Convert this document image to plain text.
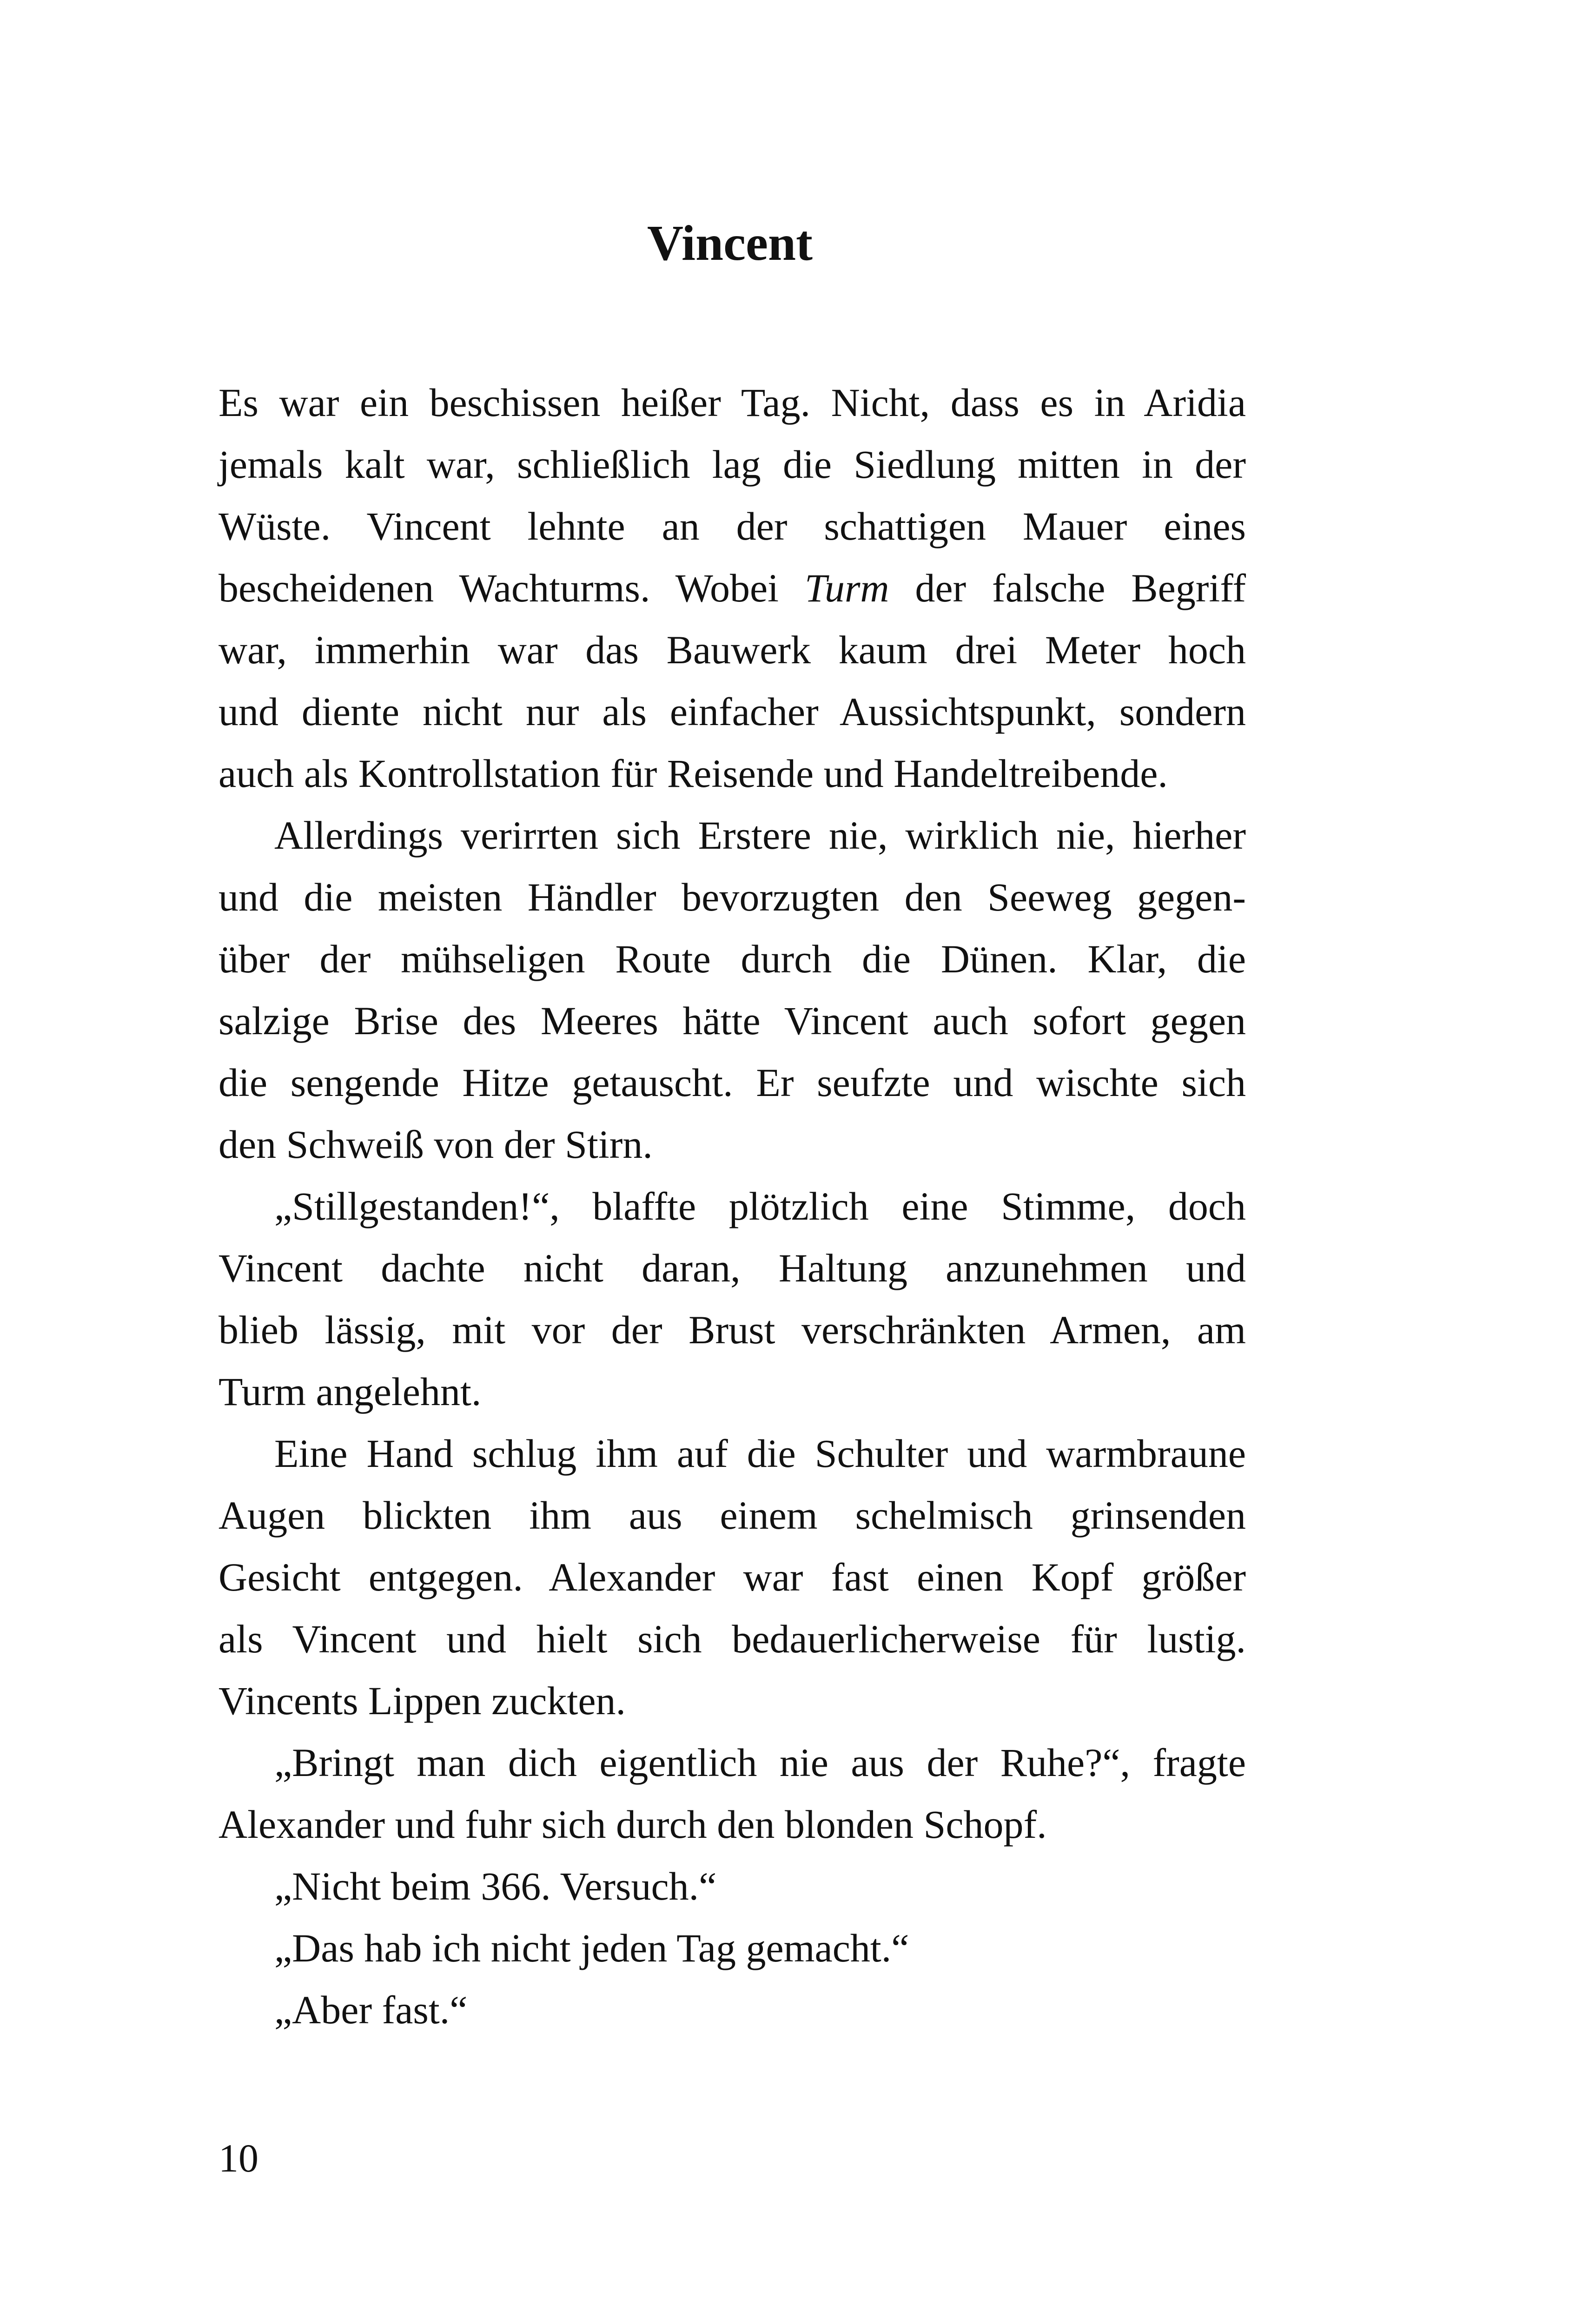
Vincent

Es war ein beschissen heißer Tag. Nicht, dass es in Aridia
jemals kalt war, schließlich lag die Siedlung mitten in der
Wüste. Vincent lehnte an der schattigen Mauer eines
bescheidenen Wachturms. Wobei Turm der falsche Begriff
war, immerhin war das Bauwerk kaum drei Meter hoch
und diente nicht nur als einfacher Aussichtspunkt, sondern
auch als Kontrollstation für Reisende und Handeltreibende.

Allerdings verirrten sich Erstere nie, wirklich nie, hierher
und die meisten Händler bevorzugten den Seeweg gegen-
über der mühseligen Route durch die Dünen. Klar, die
salzige Brise des Meeres hätte Vincent auch sofort gegen
die sengende Hitze getauscht. Er seufzte und wischte sich
den Schweiß von der Stirn.

„Stillgestanden!“, blaffte plötzlich eine Stimme, doch
Vincent dachte nicht daran, Haltung anzunehmen und
blieb lässig, mit vor der Brust verschränkten Armen, am
Turm angelehnt.

Eine Hand schlug ihm auf die Schulter und warmbraune
Augen blickten ihm aus einem schelmisch grinsenden
Gesicht entgegen. Alexander war fast einen Kopf größer
als Vincent und hielt sich bedauerlicherweise für lustig.
Vincents Lippen zuckten.

„Bringt man dich eigentlich nie aus der Ruhe?“, fragte
Alexander und fuhr sich durch den blonden Schopf.

„Nicht beim 366. Versuch.“

„Das hab ich nicht jeden Tag gemacht.“

„Aber fast.“

10
